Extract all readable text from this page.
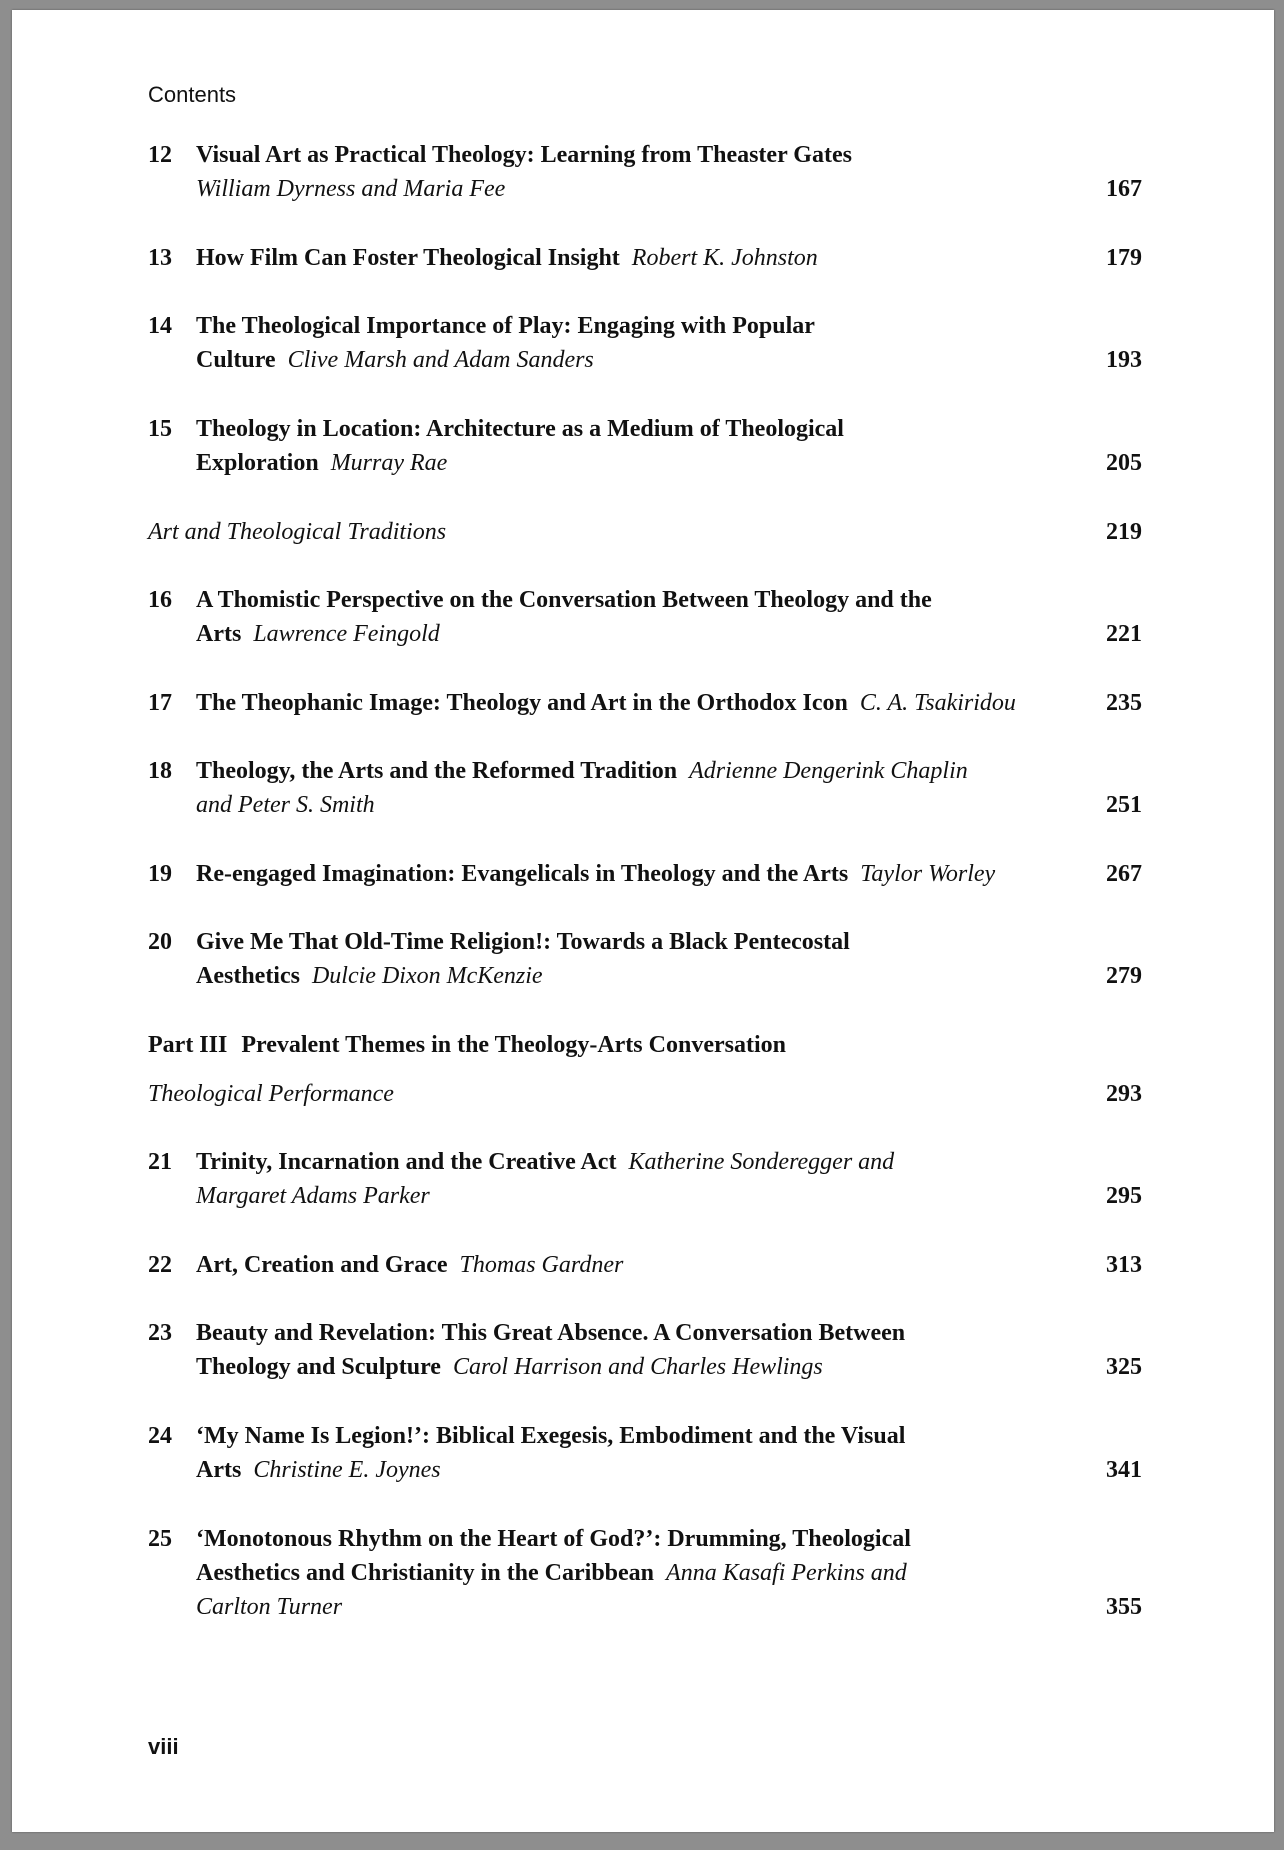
Contents
12 Visual Art as Practical Theology: Learning from Theaster Gates
William Dyrness and Maria Fee	167
13 How Film Can Foster Theological Insight Robert K. Johnston	179
14 The Theological Importance of Play: Engaging with Popular
Culture Clive Marsh and Adam Sanders	193
15 Theology in Location: Architecture as a Medium of Theological
Exploration Murray Rae	205
Art and Theological Traditions	219
16 A Thomistic Perspective on the Conversation Between Theology and the
Arts Lawrence Feingold	221
17 The Theophanic Image: Theology and Art in the Orthodox Icon C. A. Tsakiridou	235
18 Theology, the Arts and the Reformed Tradition Adrienne Dengerink Chaplin
and Peter S. Smith	251
19 Re-engaged Imagination: Evangelicals in Theology and the Arts Taylor Worley	267
20 Give Me That Old-Time Religion!: Towards a Black Pentecostal
Aesthetics Dulcie Dixon McKenzie	279
Part III Prevalent Themes in the Theology-Arts Conversation
Theological Performance	293
21 Trinity, Incarnation and the Creative Act Katherine Sonderegger and
Margaret Adams Parker	295
22 Art, Creation and Grace Thomas Gardner	313
23 Beauty and Revelation: This Great Absence. A Conversation Between
Theology and Sculpture Carol Harrison and Charles Hewlings	325
24 ‘My Name Is Legion!’: Biblical Exegesis, Embodiment and the Visual
Arts Christine E. Joynes	341
25 ‘Monotonous Rhythm on the Heart of God?’: Drumming, Theological
Aesthetics and Christianity in the Caribbean Anna Kasafi Perkins and
Carlton Turner	355
viii
